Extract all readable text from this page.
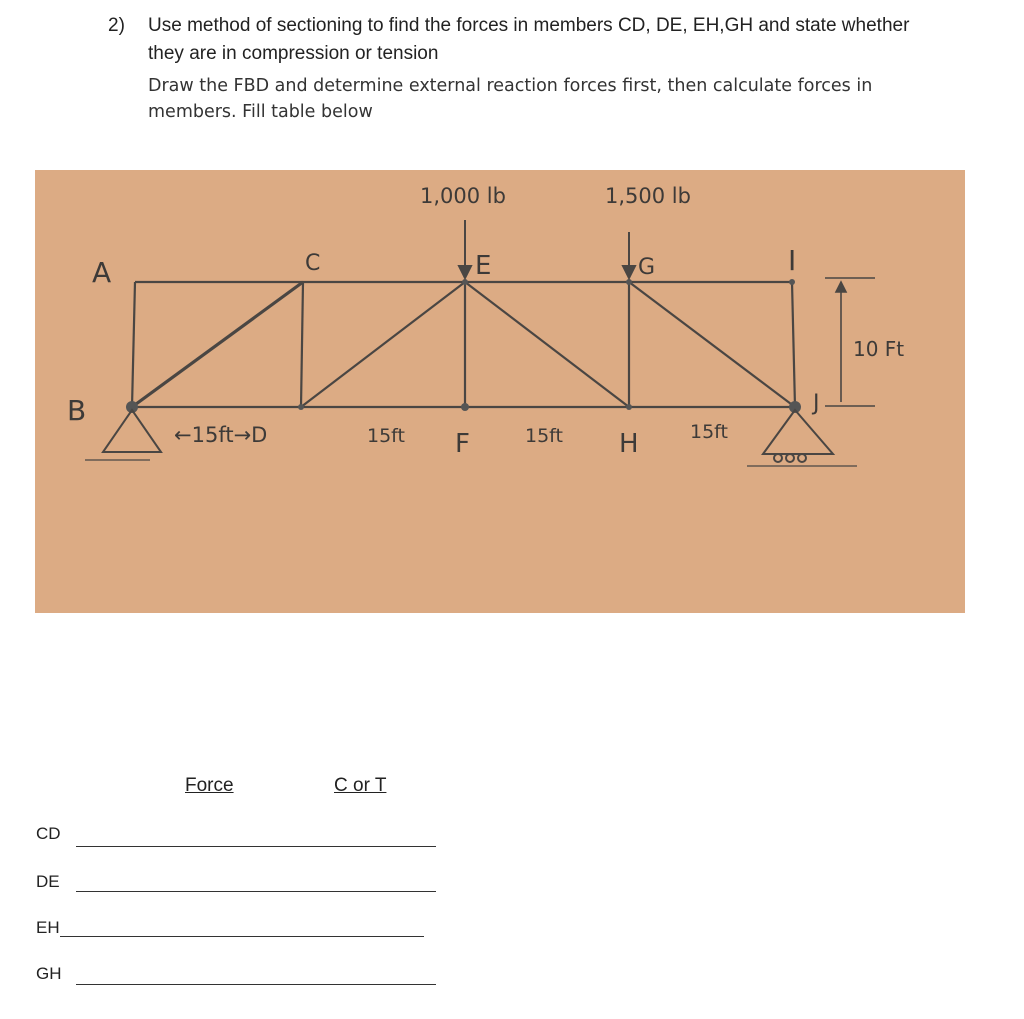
2) Use method of sectioning to find the forces in members CD, DE, EH,GH and state whether
they are in compression or tension
Draw the FBD and determine external reaction forces first, then calculate forces in
members. Fill table below
1,000 lb	1,500 lb
A
B
C	E	G	I
J
F	H
←15ft→D	15ft	15ft	15ft
10 Ft
Force	C or T
CD
DE
EH
GH
